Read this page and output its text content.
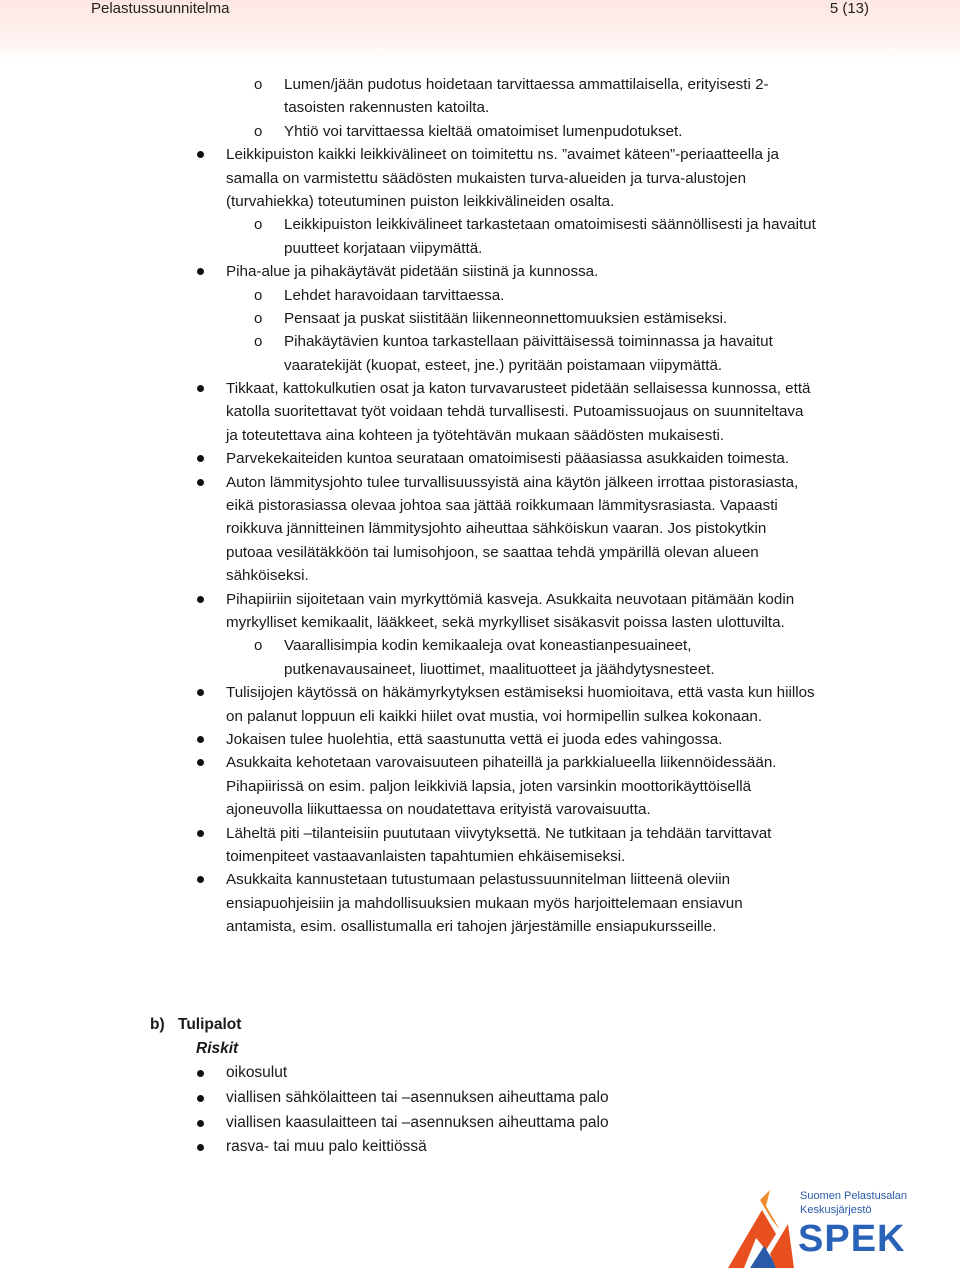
Pelastussuunnitelma	5 (13)
o Lumen/jään pudotus hoidetaan tarvittaessa ammattilaisella, erityisesti 2-
tasoisten rakennusten katoilta.
o Yhtiö voi tarvittaessa kieltää omatoimiset lumenpudotukset.
Leikkipuiston kaikki leikkivälineet on toimitettu ns. ”avaimet käteen”-periaatteella ja
samalla on varmistettu säädösten mukaisten turva-alueiden ja turva-alustojen
(turvahiekka) toteutuminen puiston leikkivälineiden osalta.
o Leikkipuiston leikkivälineet tarkastetaan omatoimisesti säännöllisesti ja havaitut
puutteet korjataan viipymättä.
Piha-alue ja pihakäytävät pidetään siistinä ja kunnossa.
o Lehdet haravoidaan tarvittaessa.
o Pensaat ja puskat siistitään liikenneonnettomuuksien estämiseksi.
o Pihakäytävien kuntoa tarkastellaan päivittäisessä toiminnassa ja havaitut
vaaratekijät (kuopat, esteet, jne.) pyritään poistamaan viipymättä.
Tikkaat, kattokulkutien osat ja katon turvavarusteet pidetään sellaisessa kunnossa, että
katolla suoritettavat työt voidaan tehdä turvallisesti. Putoamissuojaus on suunniteltava
ja toteutettava aina kohteen ja työtehtävän mukaan säädösten mukaisesti.
Parvekekaiteiden kuntoa seurataan omatoimisesti pääasiassa asukkaiden toimesta.
Auton lämmitysjohto tulee turvallisuussyistä aina käytön jälkeen irrottaa pistorasiasta,
eikä pistorasiassa olevaa johtoa saa jättää roikkumaan lämmitysrasiasta. Vapaasti
roikkuva jännitteinen lämmitysjohto aiheuttaa sähköiskun vaaran. Jos pistokytkin
putoaa vesilätäkköön tai lumisohjoon, se saattaa tehdä ympärillä olevan alueen
sähköiseksi.
Pihapiiriin sijoitetaan vain myrkyttömiä kasveja. Asukkaita neuvotaan pitämään kodin
myrkylliset kemikaalit, lääkkeet, sekä myrkylliset sisäkasvit poissa lasten ulottuvilta.
o Vaarallisimpia kodin kemikaaleja ovat koneastianpesuaineet,
putkenavausaineet, liuottimet, maalituotteet ja jäähdytysnesteet.
Tulisijojen käytössä on häkämyrkytyksen estämiseksi huomioitava, että vasta kun hiillos
on palanut loppuun eli kaikki hiilet ovat mustia, voi hormipellin sulkea kokonaan.
Jokaisen tulee huolehtia, että saastunutta vettä ei juoda edes vahingossa.
Asukkaita kehotetaan varovaisuuteen pihateillä ja parkkialueella liikennöidessään.
Pihapiirissä on esim. paljon leikkiviä lapsia, joten varsinkin moottorikäyttöisellä
ajoneuvolla liikuttaessa on noudatettava erityistä varovaisuutta.
Läheltä piti –tilanteisiin puututaan viivytyksettä. Ne tutkitaan ja tehdään tarvittavat
toimenpiteet vastaavanlaisten tapahtumien ehkäisemiseksi.
Asukkaita kannustetaan tutustumaan pelastussuunnitelman liitteenä oleviin
ensiapuohjeisiin ja mahdollisuuksien mukaan myös harjoittelemaan ensiavun
antamista, esim. osallistumalla eri tahojen järjestämille ensiapukursseille.
b) Tulipalot
Riskit
oikosulut
viallisen sähkölaitteen tai –asennuksen aiheuttama palo
viallisen kaasulaitteen tai –asennuksen aiheuttama palo
rasva- tai muu palo keittiössä
Suomen Pelastusalan
Keskusjärjestö
SPEK
